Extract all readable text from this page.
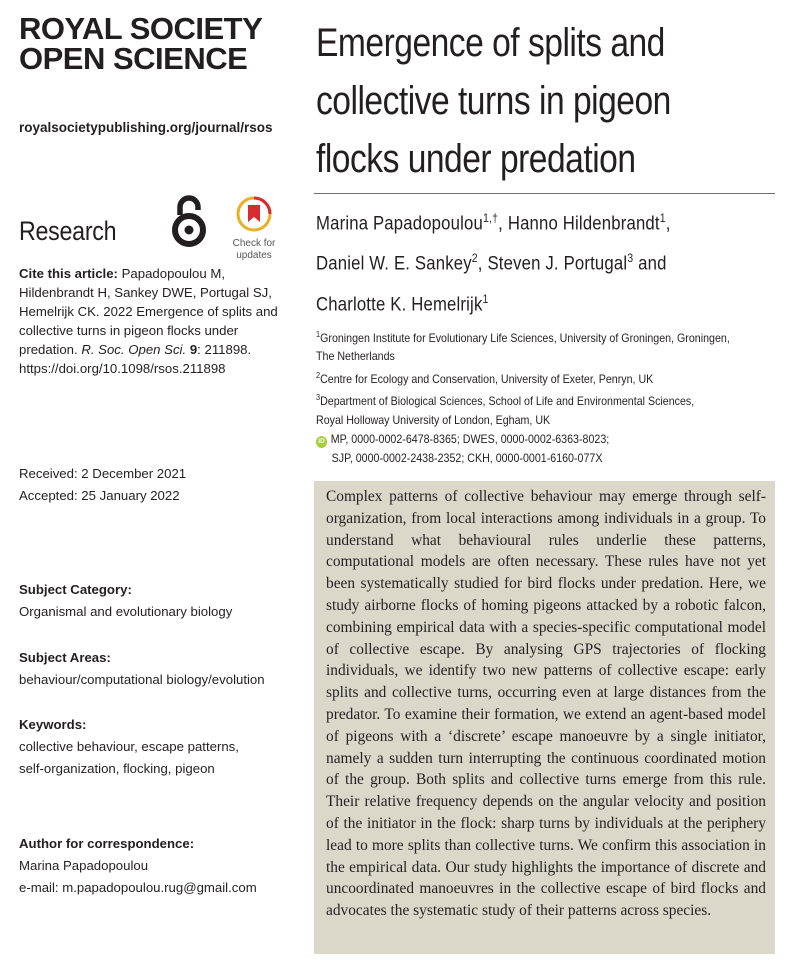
ROYAL SOCIETY
OPEN SCIENCE
royalsocietypublishing.org/journal/rsos
Research	Check for
updates
Cite this article: Papadopoulou M, Hildenbrandt H, Sankey DWE, Portugal SJ, Hemelrijk CK. 2022 Emergence of splits and collective turns in pigeon flocks under predation. R. Soc. Open Sci. 9: 211898.
https://doi.org/10.1098/rsos.211898
Received: 2 December 2021
Accepted: 25 January 2022
Subject Category:
Organismal and evolutionary biology
Subject Areas:
behaviour/computational biology/evolution
Keywords:
collective behaviour, escape patterns,
self-organization, flocking, pigeon
Author for correspondence:
Marina Papadopoulou
e-mail: m.papadopoulou.rug@gmail.com
Emergence of splits and
collective turns in pigeon
flocks under predation
Marina Papadopoulou$^{1,\dagger}$, Hanno Hildenbrandt$^1$,
Daniel W. E. Sankey$^2$, Steven J. Portugal$^3$ and
Charlotte K. Hemelrijk$^1$
$^1$Groningen Institute for Evolutionary Life Sciences, University of Groningen, Groningen,
The Netherlands
$^2$Centre for Ecology and Conservation, University of Exeter, Penryn, UK
$^3$Department of Biological Sciences, School of Life and Environmental Sciences,
Royal Holloway University of London, Egham, UK
iD MP, 0000-0002-6478-8365; DWES, 0000-0002-6363-8023;
SJP, 0000-0002-2438-2352; CKH, 0000-0001-6160-077X
Complex patterns of collective behaviour may emerge through self-organization, from local interactions among individuals in a group. To understand what behavioural rules underlie these patterns, computational models are often necessary. These rules have not yet been systematically studied for bird flocks under predation. Here, we study airborne flocks of homing pigeons attacked by a robotic falcon, combining empirical data with a species-specific computational model of collective escape. By analysing GPS trajectories of flocking individuals, we identify two new patterns of collective escape: early splits and collective turns, occurring even at large distances from the predator. To examine their formation, we extend an agent-based model of pigeons with a ‘discrete’ escape manoeuvre by a single initiator, namely a sudden turn interrupting the continuous coordinated motion of the group. Both splits and collective turns emerge from this rule. Their relative frequency depends on the angular velocity and position of the initiator in the flock: sharp turns by individuals at the periphery lead to more splits than collective turns. We confirm this association in the empirical data. Our study highlights the importance of discrete and uncoordinated manoeuvres in the collective escape of bird flocks and advocates the systematic study of their patterns across species.
